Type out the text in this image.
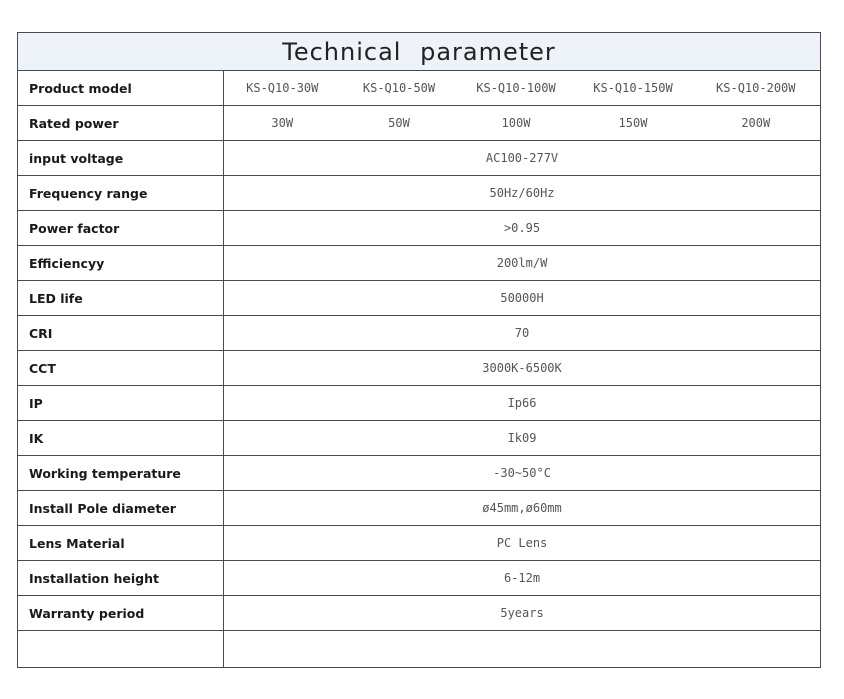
Technical parameter					
Product model	KS-Q10-30W	KS-Q10-50W	KS-Q10-100W	KS-Q10-150W	KS-Q10-200W
Rated power	30W	50W	100W	150W	200W
input voltage	AC100-277V				
Frequency range	50Hz/60Hz				
Power factor	>0.95				
Efficiencyy	200lm/W				
LED life	50000H				
CRI	70				
CCT	3000K-6500K				
IP	Ip66				
IK	Ik09				
Working temperature	-30~50°C				
Install Pole diameter	ø45mm,ø60mm				
Lens Material	PC Lens				
Installation height	6-12m				
Warranty period	5years				
